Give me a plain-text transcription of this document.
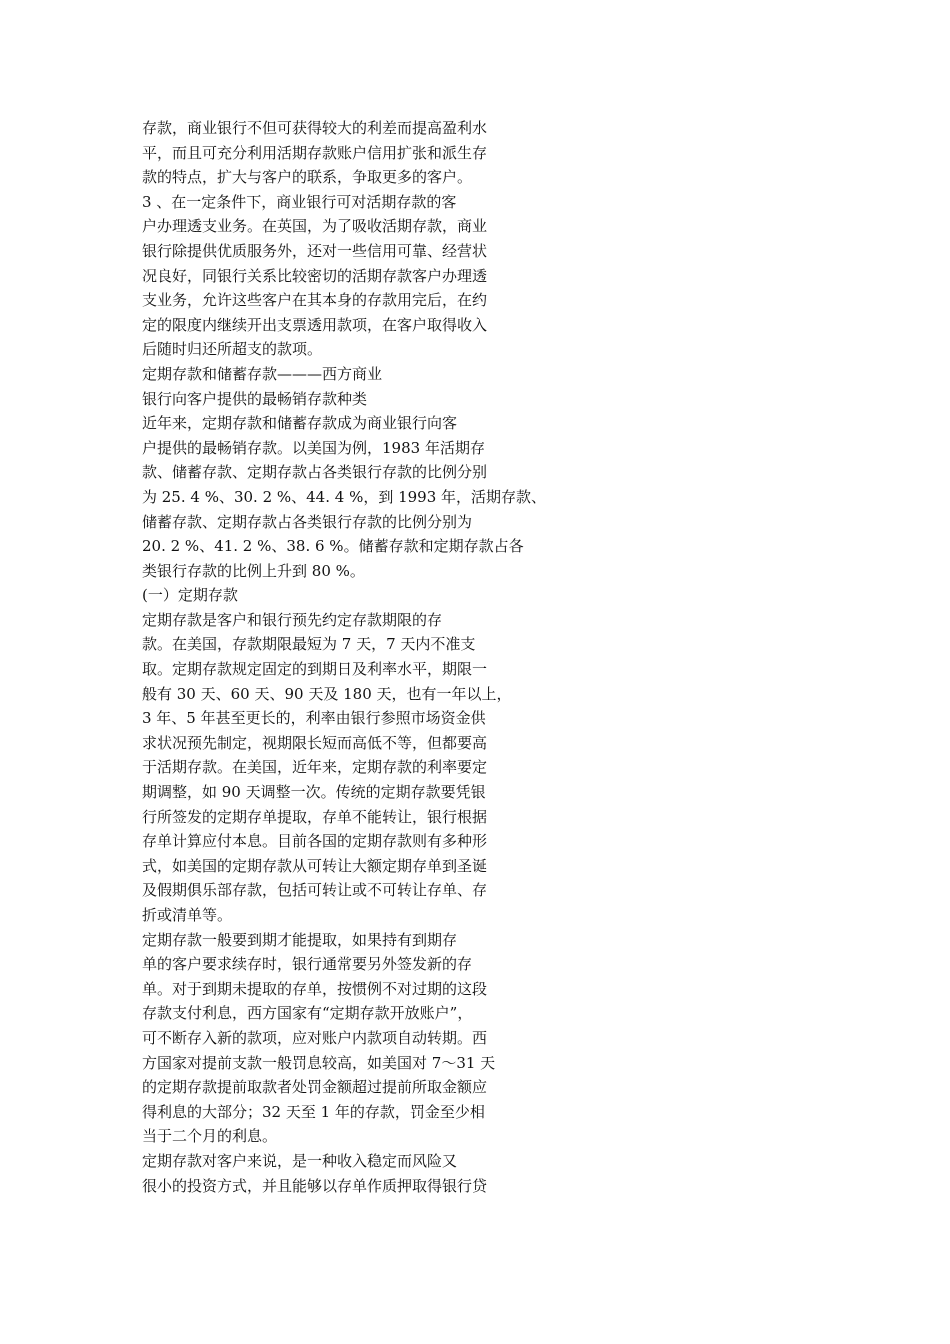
存款，商业银行不但可获得较大的利差而提高盈利水
平，而且可充分利用活期存款账户信用扩张和派生存
款的特点，扩大与客户的联系，争取更多的客户。
3 、在一定条件下，商业银行可对活期存款的客
户办理透支业务。在英国，为了吸收活期存款，商业
银行除提供优质服务外，还对一些信用可靠、经营状
况良好，同银行关系比较密切的活期存款客户办理透
支业务，允许这些客户在其本身的存款用完后，在约
定的限度内继续开出支票透用款项，在客户取得收入
后随时归还所超支的款项。
定期存款和储蓄存款———西方商业
银行向客户提供的最畅销存款种类
近年来，定期存款和储蓄存款成为商业银行向客
户提供的最畅销存款。以美国为例，1983 年活期存
款、储蓄存款、定期存款占各类银行存款的比例分别
为 25. 4 %、30. 2 %、44. 4 %，到 1993 年，活期存款、
储蓄存款、定期存款占各类银行存款的比例分别为
20. 2 %、41. 2 %、38. 6 %。储蓄存款和定期存款占各
类银行存款的比例上升到 80 %。
(一）定期存款
定期存款是客户和银行预先约定存款期限的存
款。在美国，存款期限最短为 7 天，7 天内不准支
取。定期存款规定固定的到期日及利率水平，期限一
般有 30 天、60 天、90 天及 180 天，也有一年以上，
3 年、5 年甚至更长的，利率由银行参照市场资金供
求状况预先制定，视期限长短而高低不等，但都要高
于活期存款。在美国，近年来，定期存款的利率要定
期调整，如 90 天调整一次。传统的定期存款要凭银
行所签发的定期存单提取，存单不能转让，银行根据
存单计算应付本息。目前各国的定期存款则有多种形
式，如美国的定期存款从可转让大额定期存单到圣诞
及假期俱乐部存款，包括可转让或不可转让存单、存
折或清单等。
定期存款一般要到期才能提取，如果持有到期存
单的客户要求续存时，银行通常要另外签发新的存
单。对于到期未提取的存单，按惯例不对过期的这段
存款支付利息，西方国家有“定期存款开放账户”，
可不断存入新的款项，应对账户内款项自动转期。西
方国家对提前支款一般罚息较高，如美国对 7～31 天
的定期存款提前取款者处罚金额超过提前所取金额应
得利息的大部分；32 天至 1 年的存款，罚金至少相
当于二个月的利息。
定期存款对客户来说，是一种收入稳定而风险又
很小的投资方式，并且能够以存单作质押取得银行贷
